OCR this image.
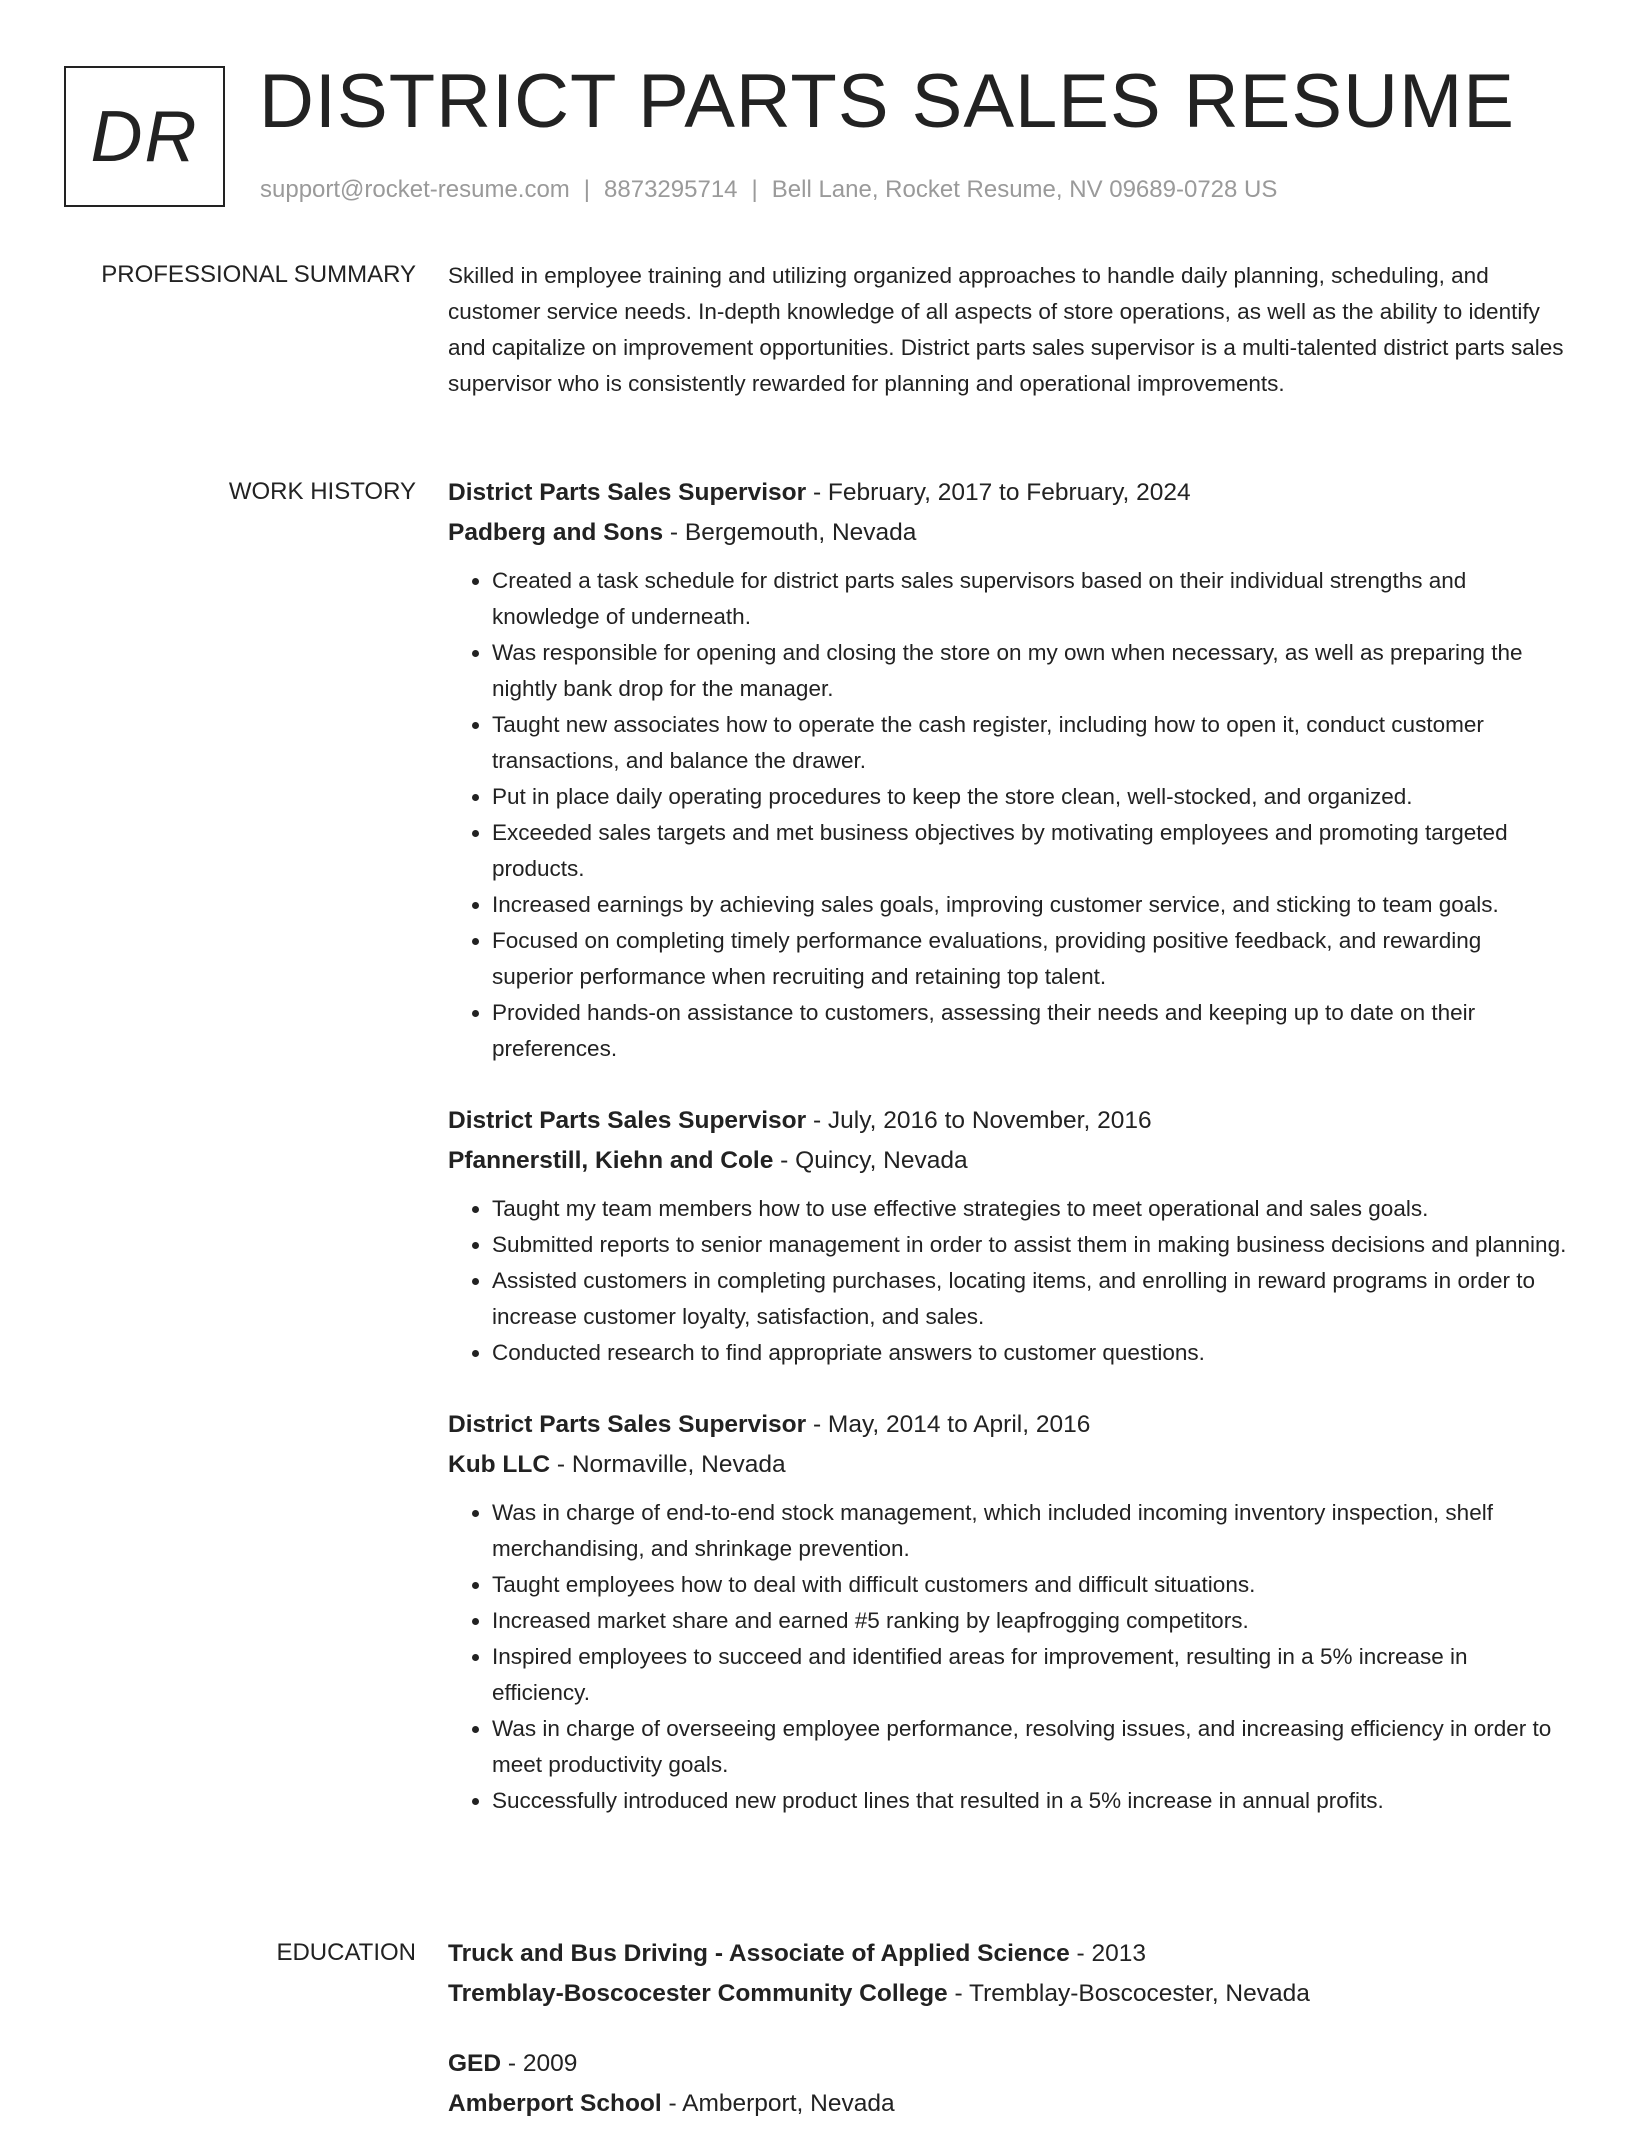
DR DISTRICT PARTS SALES RESUME
support@rocket-resume.com | 8873295714 | Bell Lane, Rocket Resume, NV 09689-0728 US
PROFESSIONAL SUMMARY Skilled in employee training and utilizing organized approaches to handle daily planning, scheduling, and customer service needs. In-depth knowledge of all aspects of store operations, as well as the ability to identify and capitalize on improvement opportunities. District parts sales supervisor is a multi-talented district parts sales supervisor who is consistently rewarded for planning and operational improvements.

WORK HISTORY District Parts Sales Supervisor - February, 2017 to February, 2024
Padberg and Sons - Bergemouth, Nevada
• Created a task schedule for district parts sales supervisors based on their individual strengths and knowledge of underneath.
• Was responsible for opening and closing the store on my own when necessary, as well as preparing the nightly bank drop for the manager.
• Taught new associates how to operate the cash register, including how to open it, conduct customer transactions, and balance the drawer.
• Put in place daily operating procedures to keep the store clean, well-stocked, and organized.
• Exceeded sales targets and met business objectives by motivating employees and promoting targeted products.
• Increased earnings by achieving sales goals, improving customer service, and sticking to team goals.
• Focused on completing timely performance evaluations, providing positive feedback, and rewarding superior performance when recruiting and retaining top talent.
• Provided hands-on assistance to customers, assessing their needs and keeping up to date on their preferences.
District Parts Sales Supervisor - July, 2016 to November, 2016
Pfannerstill, Kiehn and Cole - Quincy, Nevada
• Taught my team members how to use effective strategies to meet operational and sales goals.
• Submitted reports to senior management in order to assist them in making business decisions and planning.
• Assisted customers in completing purchases, locating items, and enrolling in reward programs in order to increase customer loyalty, satisfaction, and sales.
• Conducted research to find appropriate answers to customer questions.
District Parts Sales Supervisor - May, 2014 to April, 2016
Kub LLC - Normaville, Nevada
• Was in charge of end-to-end stock management, which included incoming inventory inspection, shelf merchandising, and shrinkage prevention.
• Taught employees how to deal with difficult customers and difficult situations.
• Increased market share and earned #5 ranking by leapfrogging competitors.
• Inspired employees to succeed and identified areas for improvement, resulting in a 5% increase in efficiency.
• Was in charge of overseeing employee performance, resolving issues, and increasing efficiency in order to meet productivity goals.
• Successfully introduced new product lines that resulted in a 5% increase in annual profits.
EDUCATION Truck and Bus Driving - Associate of Applied Science - 2013
Tremblay-Boscocester Community College - Tremblay-Boscocester, Nevada
GED - 2009
Amberport School - Amberport, Nevada
